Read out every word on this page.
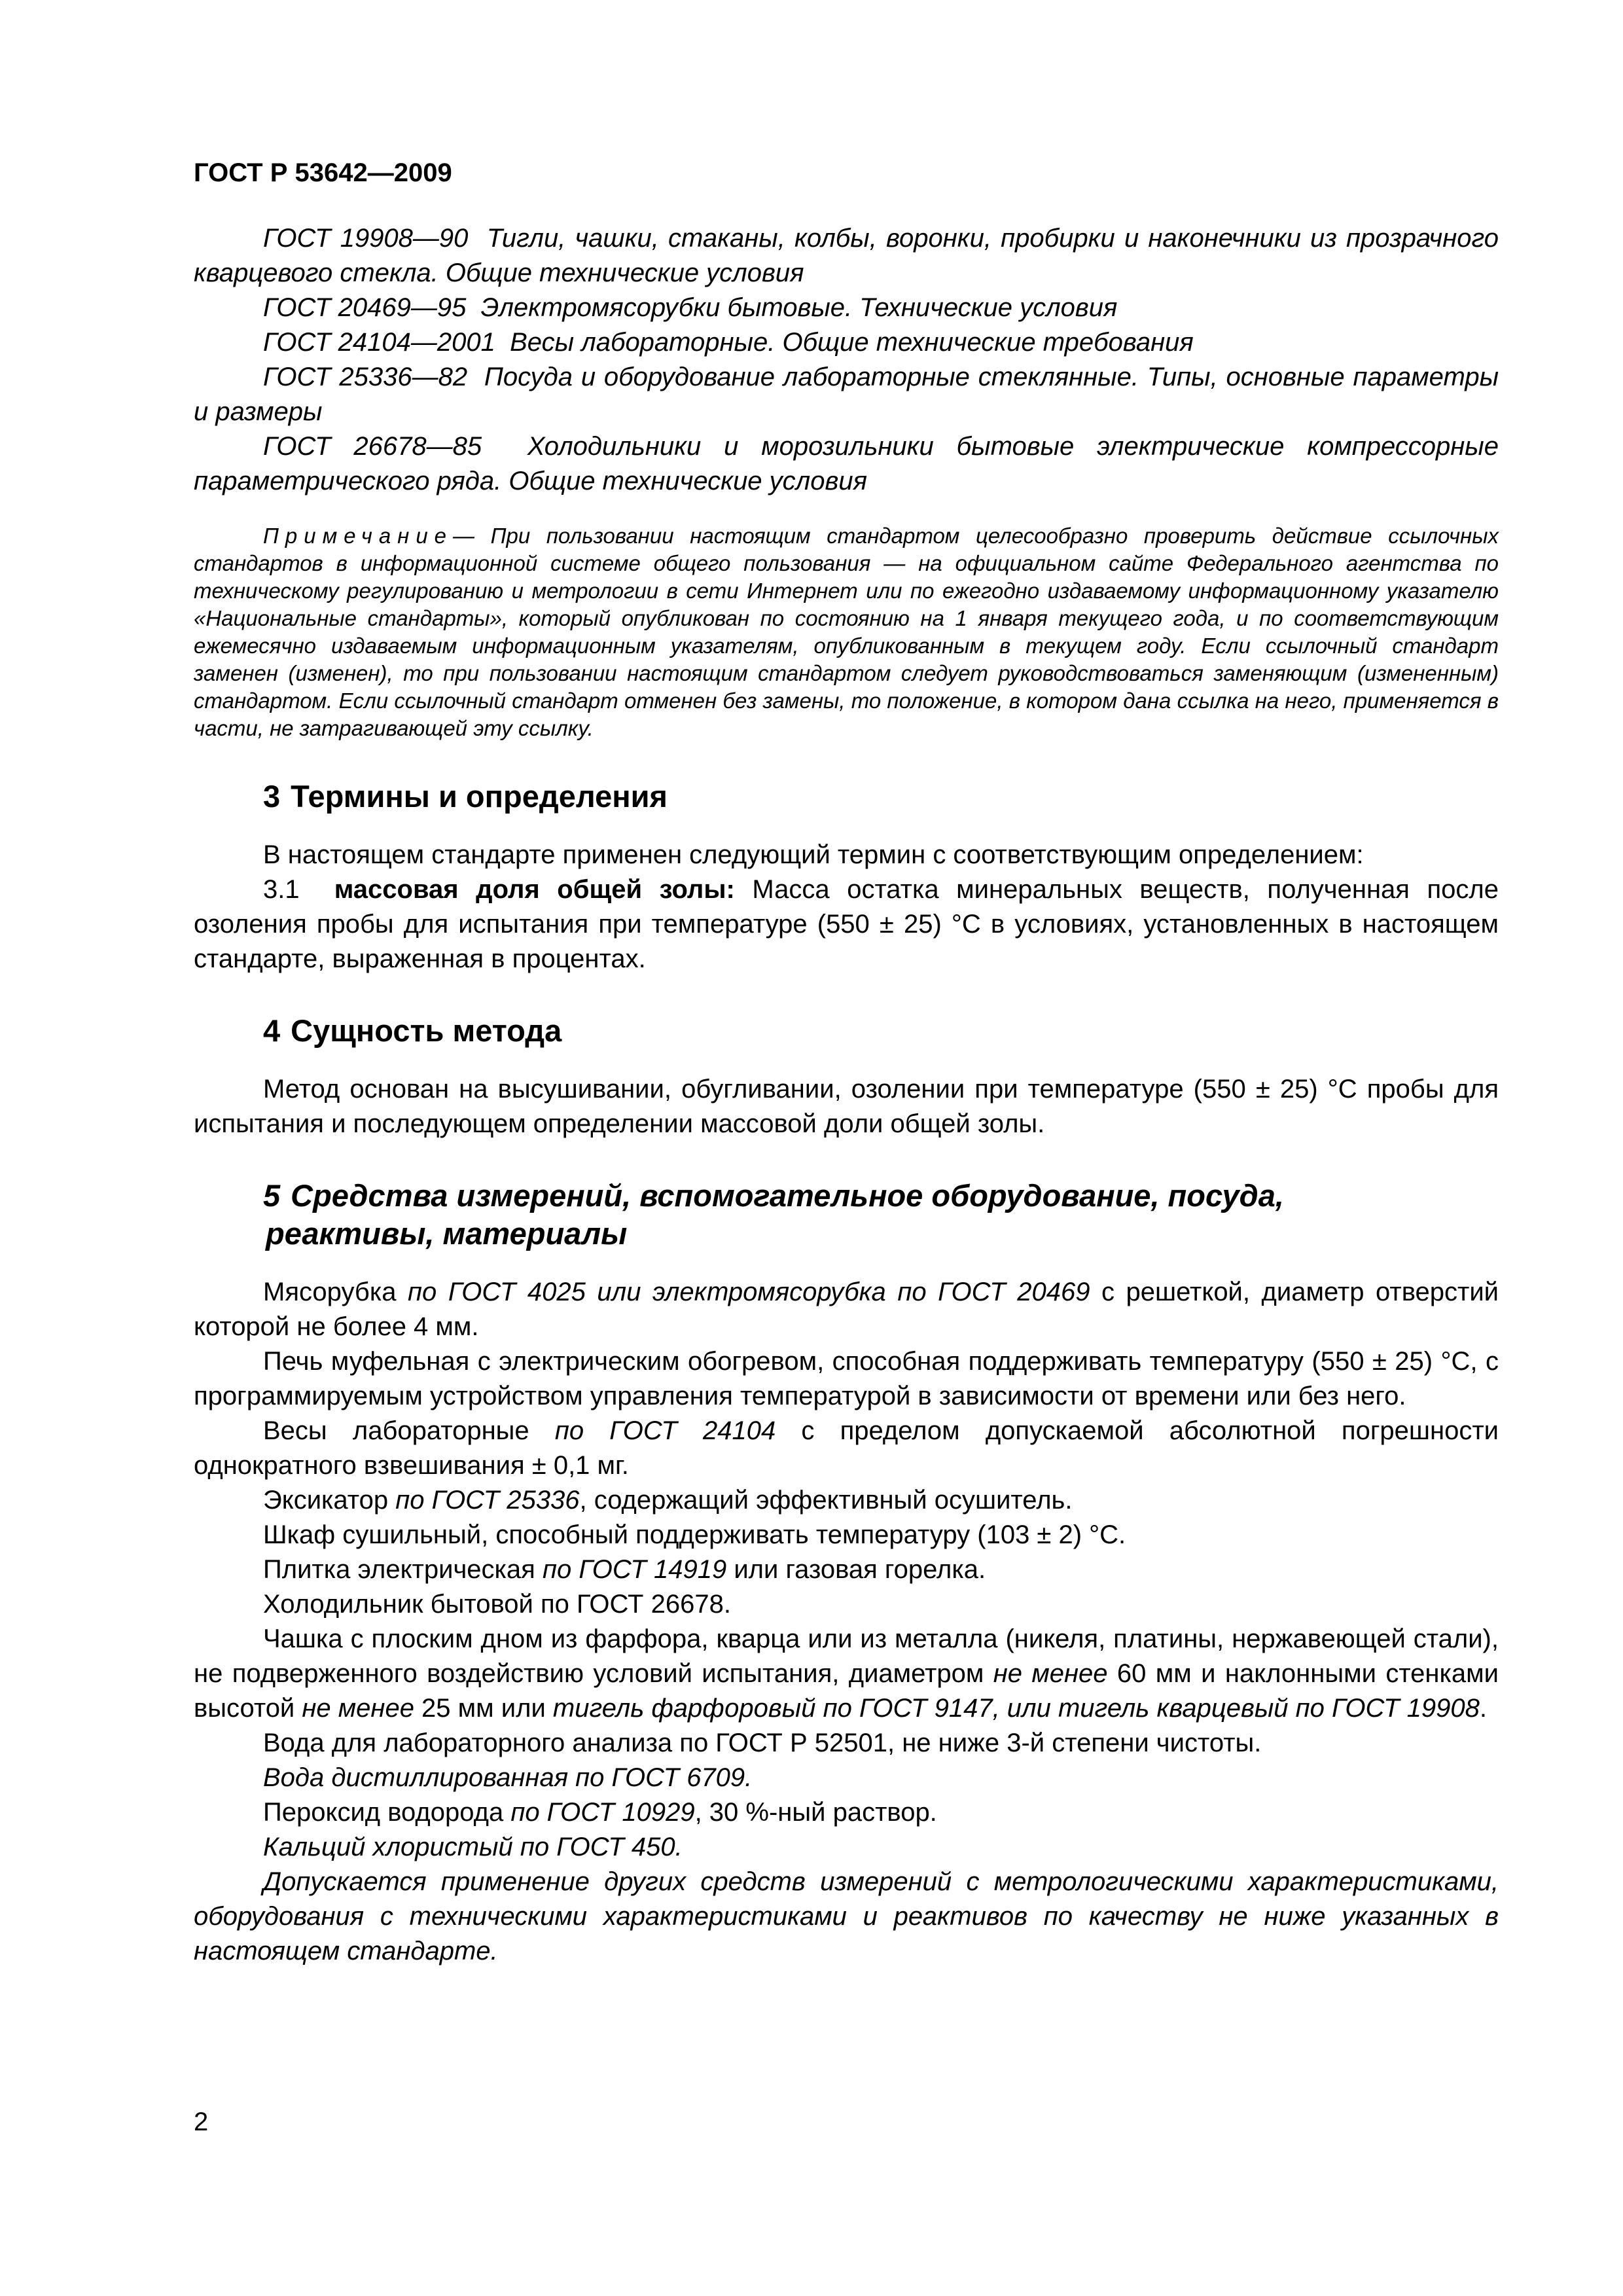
ГОСТ Р 53642—2009

ГОСТ 19908—90 Тигли, чашки, стаканы, колбы, воронки, пробирки и наконечники из прозрачного кварцевого стекла. Общие технические условия

ГОСТ 20469—95 Электромясорубки бытовые. Технические условия

ГОСТ 24104—2001 Весы лабораторные. Общие технические требования

ГОСТ 25336—82 Посуда и оборудование лабораторные стеклянные. Типы, основные параметры и размеры

ГОСТ 26678—85 Холодильники и морозильники бытовые электрические компрессорные параметрического ряда. Общие технические условия

Примечание— При пользовании настоящим стандартом целесообразно проверить действие ссылочных стандартов в информационной системе общего пользования — на официальном сайте Федерального агентства по техническому регулированию и метрологии в сети Интернет или по ежегодно издаваемому информационному указателю «Национальные стандарты», который опубликован по состоянию на 1 января текущего года, и по соответствующим ежемесячно издаваемым информационным указателям, опубликованным в текущем году. Если ссылочный стандарт заменен (изменен), то при пользовании настоящим стандартом следует руководствоваться заменяющим (измененным) стандартом. Если ссылочный стандарт отменен без замены, то положение, в котором дана ссылка на него, применяется в части, не затрагивающей эту ссылку.

3 Термины и определения

В настоящем стандарте применен следующий термин с соответствующим определением:

3.1 массовая доля общей золы: Масса остатка минеральных веществ, полученная после озоления пробы для испытания при температуре (550 ± 25) °С в условиях, установленных в настоящем стандарте, выраженная в процентах.

4 Сущность метода

Метод основан на высушивании, обугливании, озолении при температуре (550 ± 25) °С пробы для испытания и последующем определении массовой доли общей золы.

5 Средства измерений, вспомогательное оборудование, посуда,
реактивы, материалы

Мясорубка по ГОСТ 4025 или электромясорубка по ГОСТ 20469 с решеткой, диаметр отверстий которой не более 4 мм.

Печь муфельная с электрическим обогревом, способная поддерживать температуру (550 ± 25) °С, с программируемым устройством управления температурой в зависимости от времени или без него.

Весы лабораторные по ГОСТ 24104 с пределом допускаемой абсолютной погрешности однократного взвешивания ± 0,1 мг.

Эксикатор по ГОСТ 25336, содержащий эффективный осушитель.

Шкаф сушильный, способный поддерживать температуру (103 ± 2) °С.

Плитка электрическая по ГОСТ 14919 или газовая горелка.

Холодильник бытовой по ГОСТ 26678.

Чашка с плоским дном из фарфора, кварца или из металла (никеля, платины, нержавеющей стали), не подверженного воздействию условий испытания, диаметром не менее 60 мм и наклонными стенками высотой не менее 25 мм или тигель фарфоровый по ГОСТ 9147, или тигель кварцевый по ГОСТ 19908.

Вода для лабораторного анализа по ГОСТ Р 52501, не ниже 3-й степени чистоты.

Вода дистиллированная по ГОСТ 6709.

Пероксид водорода по ГОСТ 10929, 30 %-ный раствор.

Кальций хлористый по ГОСТ 450.

Допускается применение других средств измерений с метрологическими характеристиками, оборудования с техническими характеристиками и реактивов по качеству не ниже указанных в настоящем стандарте.

2
